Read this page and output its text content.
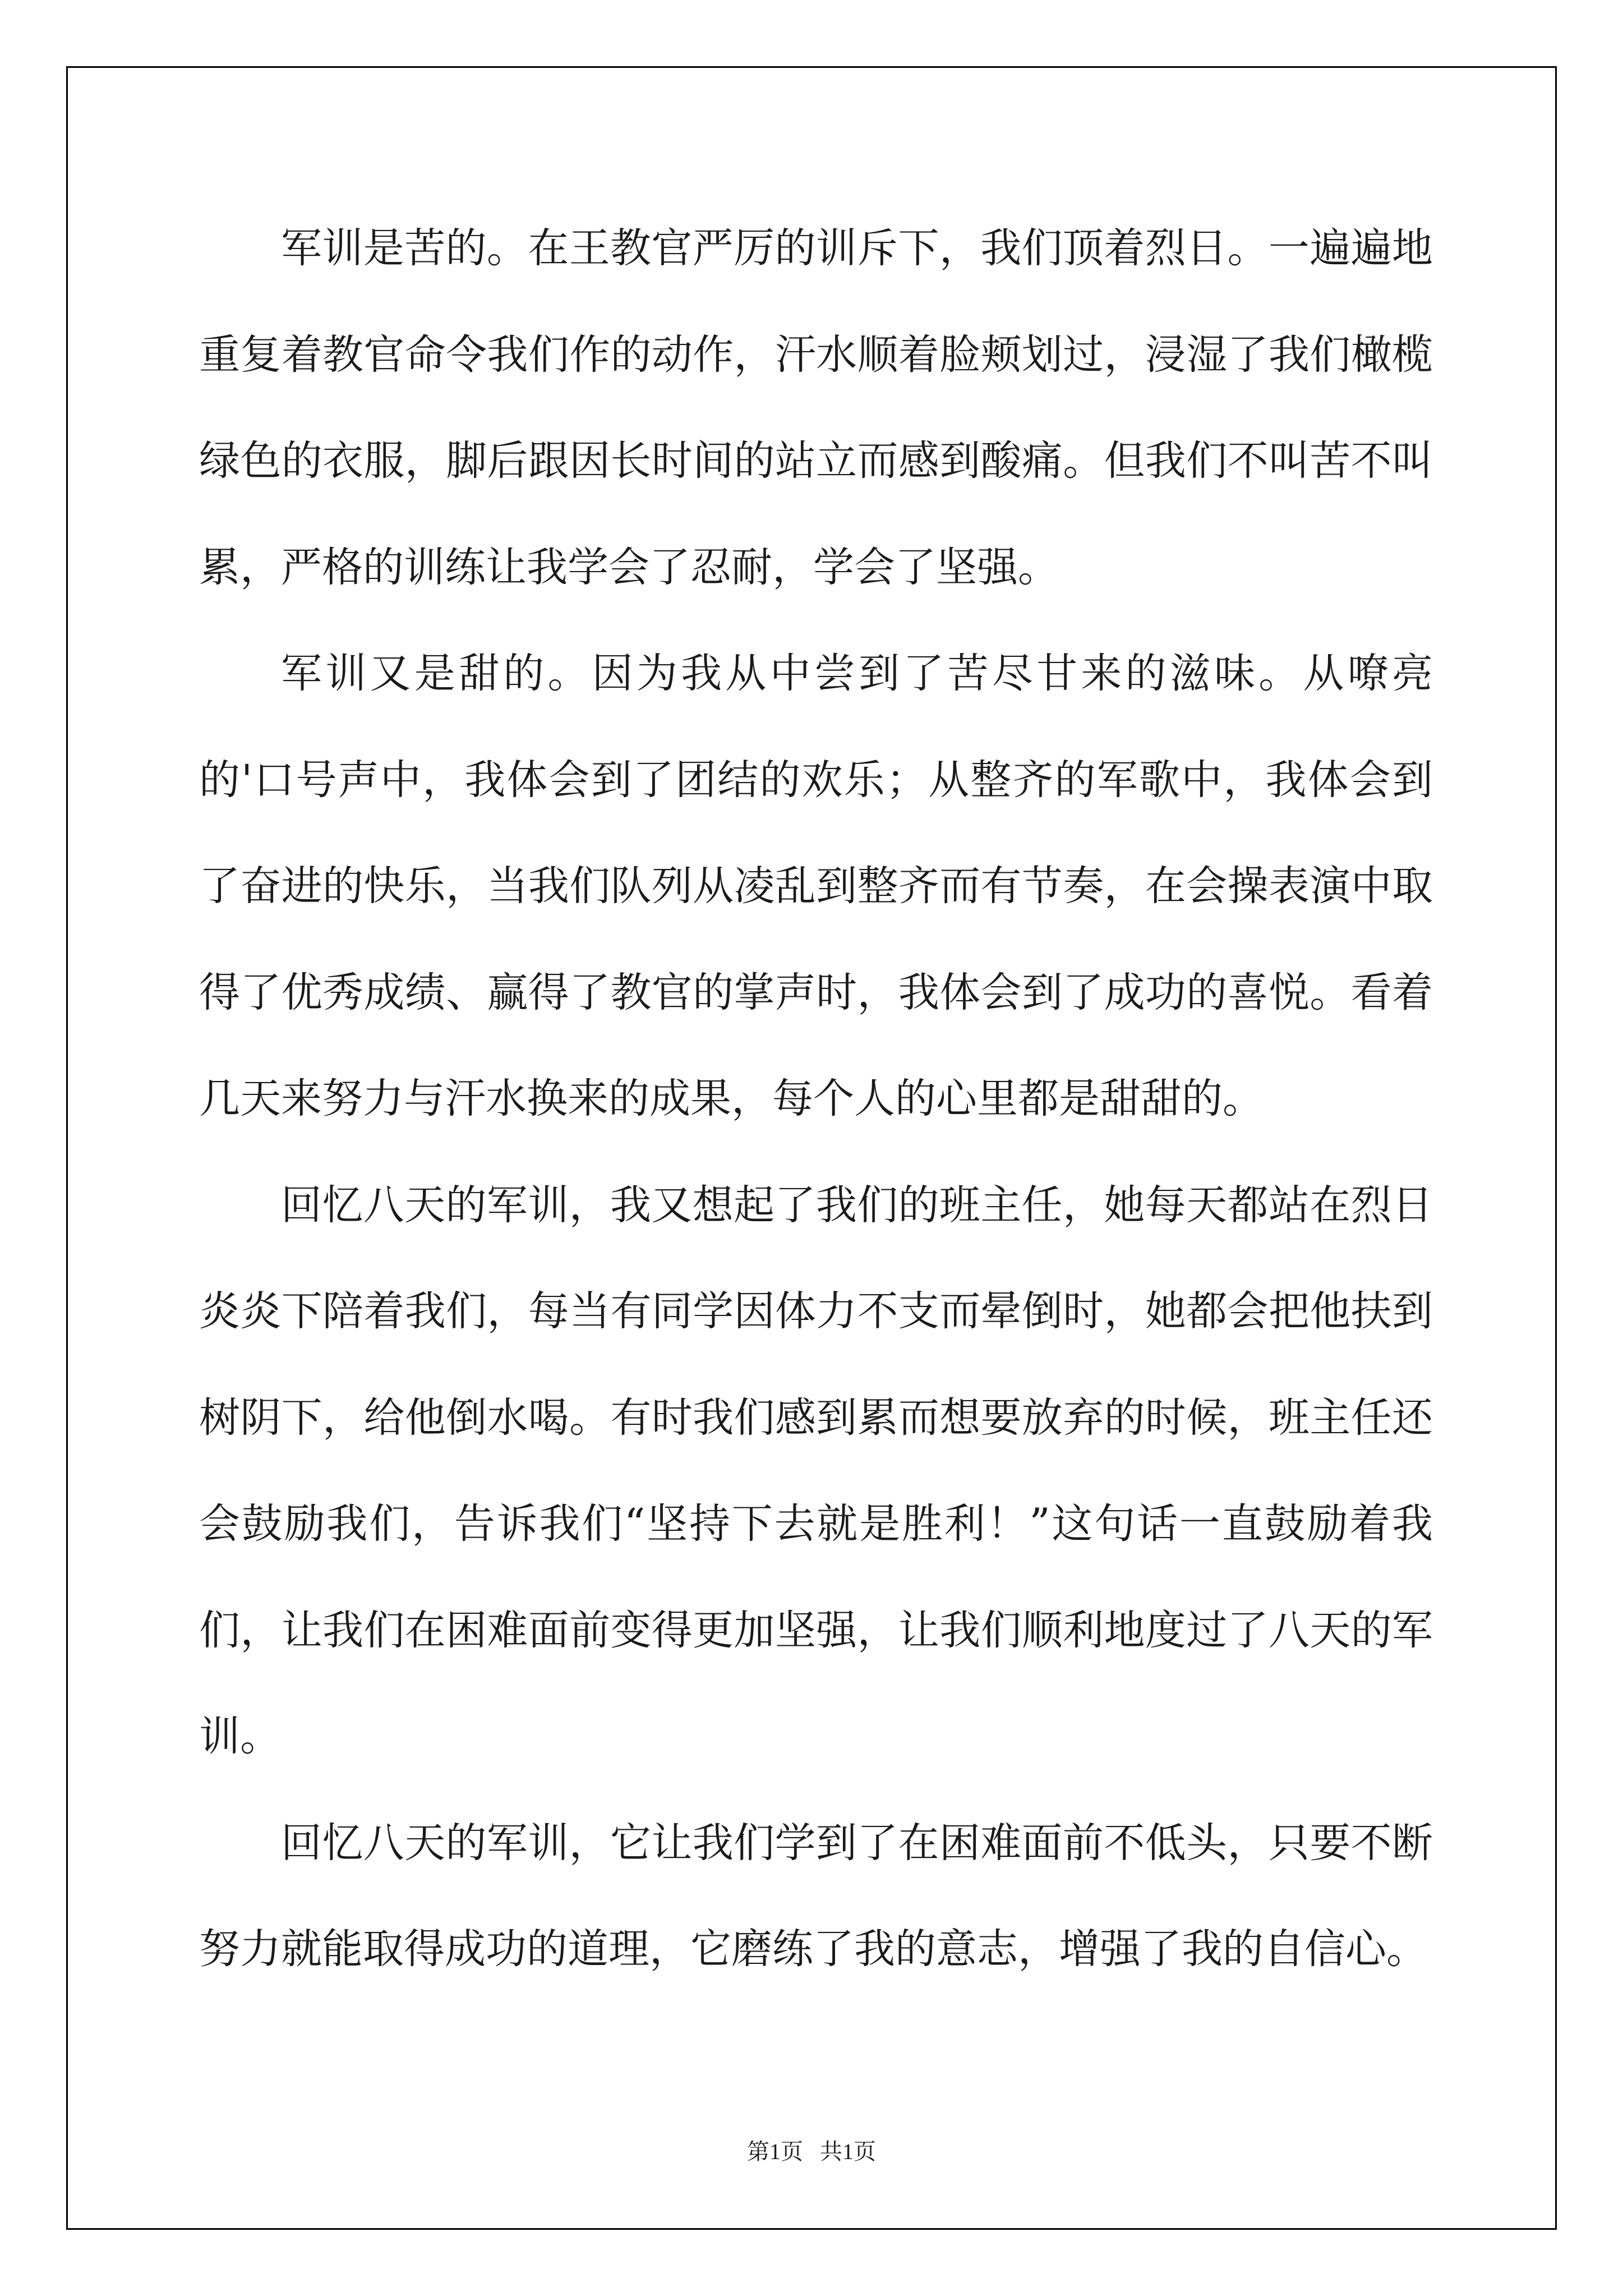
军训是苦的。在王教官严厉的训斥下，我们顶着烈日。一遍遍地重复着教官命令我们作的动作，汗水顺着脸颊划过，浸湿了我们橄榄绿色的衣服，脚后跟因长时间的站立而感到酸痛。但我们不叫苦不叫累，严格的训练让我学会了忍耐，学会了坚强。

军训又是甜的。因为我从中尝到了苦尽甘来的滋味。从嘹亮的'口号声中，我体会到了团结的欢乐；从整齐的军歌中，我体会到了奋进的快乐，当我们队列从凌乱到整齐而有节奏，在会操表演中取得了优秀成绩、赢得了教官的掌声时，我体会到了成功的喜悦。看着几天来努力与汗水换来的成果，每个人的心里都是甜甜的。

回忆八天的军训，我又想起了我们的班主任，她每天都站在烈日炎炎下陪着我们，每当有同学因体力不支而晕倒时，她都会把他扶到树阴下，给他倒水喝。有时我们感到累而想要放弃的时候，班主任还会鼓励我们，告诉我们“坚持下去就是胜利！”这句话一直鼓励着我们，让我们在困难面前变得更加坚强，让我们顺利地度过了八天的军训。

回忆八天的军训，它让我们学到了在困难面前不低头，只要不断努力就能取得成功的道理，它磨练了我的意志，增强了我的自信心。

第1页   共1页
